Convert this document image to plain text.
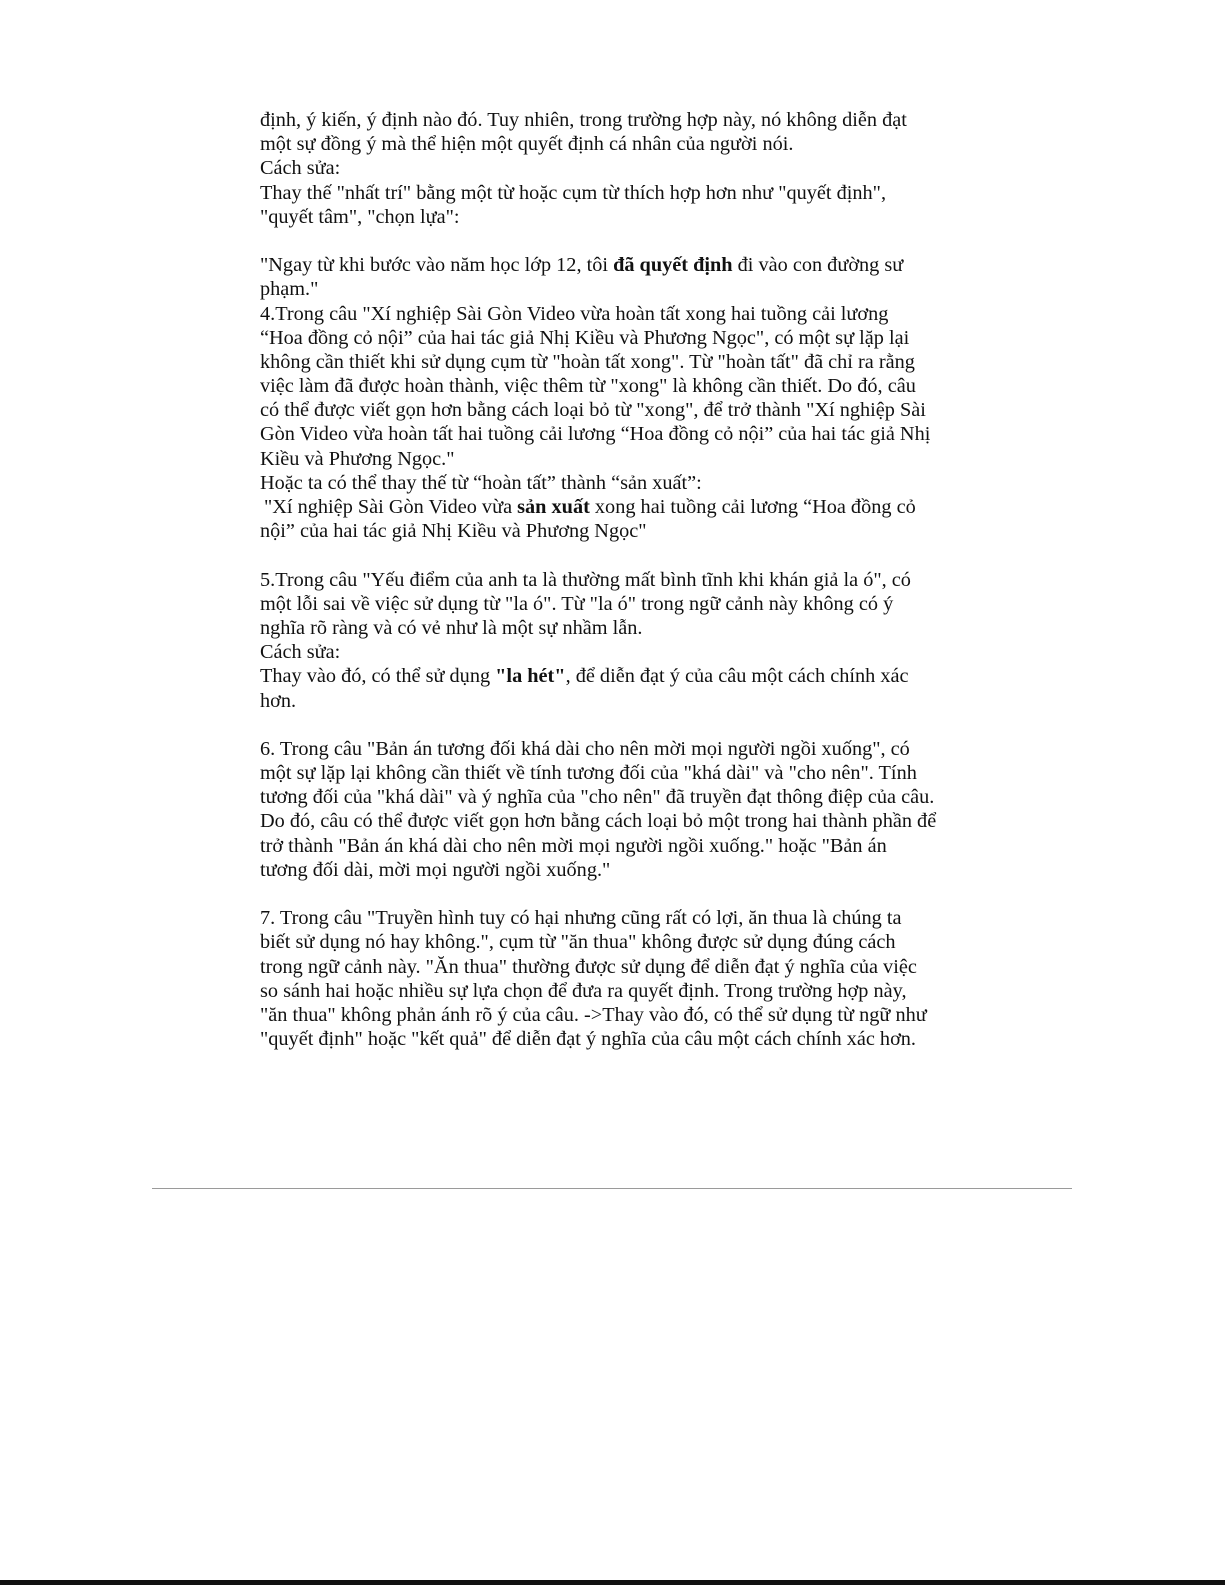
định, ý kiến, ý định nào đó. Tuy nhiên, trong trường hợp này, nó không diễn đạt
một sự đồng ý mà thể hiện một quyết định cá nhân của người nói.
Cách sửa:
Thay thế "nhất trí" bằng một từ hoặc cụm từ thích hợp hơn như "quyết định",
"quyết tâm", "chọn lựa":
"Ngay từ khi bước vào năm học lớp 12, tôi đã quyết định đi vào con đường sư
phạm."
4.Trong câu "Xí nghiệp Sài Gòn Video vừa hoàn tất xong hai tuồng cải lương
“Hoa đồng cỏ nội” của hai tác giả Nhị Kiều và Phương Ngọc", có một sự lặp lại
không cần thiết khi sử dụng cụm từ "hoàn tất xong". Từ "hoàn tất" đã chỉ ra rằng
việc làm đã được hoàn thành, việc thêm từ "xong" là không cần thiết. Do đó, câu
có thể được viết gọn hơn bằng cách loại bỏ từ "xong", để trở thành "Xí nghiệp Sài
Gòn Video vừa hoàn tất hai tuồng cải lương “Hoa đồng cỏ nội” của hai tác giả Nhị
Kiều và Phương Ngọc."
Hoặc ta có thể thay thế từ “hoàn tất” thành “sản xuất”:
"Xí nghiệp Sài Gòn Video vừa sản xuất xong hai tuồng cải lương “Hoa đồng cỏ
nội” của hai tác giả Nhị Kiều và Phương Ngọc"
5.Trong câu "Yếu điểm của anh ta là thường mất bình tĩnh khi khán giả la ó", có
một lỗi sai về việc sử dụng từ "la ó". Từ "la ó" trong ngữ cảnh này không có ý
nghĩa rõ ràng và có vẻ như là một sự nhầm lẫn.
Cách sửa:
Thay vào đó, có thể sử dụng "la hét", để diễn đạt ý của câu một cách chính xác
hơn.
6. Trong câu "Bản án tương đối khá dài cho nên mời mọi người ngồi xuống", có
một sự lặp lại không cần thiết về tính tương đối của "khá dài" và "cho nên". Tính
tương đối của "khá dài" và ý nghĩa của "cho nên" đã truyền đạt thông điệp của câu.
Do đó, câu có thể được viết gọn hơn bằng cách loại bỏ một trong hai thành phần để
trở thành "Bản án khá dài cho nên mời mọi người ngồi xuống." hoặc "Bản án
tương đối dài, mời mọi người ngồi xuống."
7. Trong câu "Truyền hình tuy có hại nhưng cũng rất có lợi, ăn thua là chúng ta
biết sử dụng nó hay không.", cụm từ "ăn thua" không được sử dụng đúng cách
trong ngữ cảnh này. "Ăn thua" thường được sử dụng để diễn đạt ý nghĩa của việc
so sánh hai hoặc nhiều sự lựa chọn để đưa ra quyết định. Trong trường hợp này,
"ăn thua" không phản ánh rõ ý của câu. ->Thay vào đó, có thể sử dụng từ ngữ như
"quyết định" hoặc "kết quả" để diễn đạt ý nghĩa của câu một cách chính xác hơn.
